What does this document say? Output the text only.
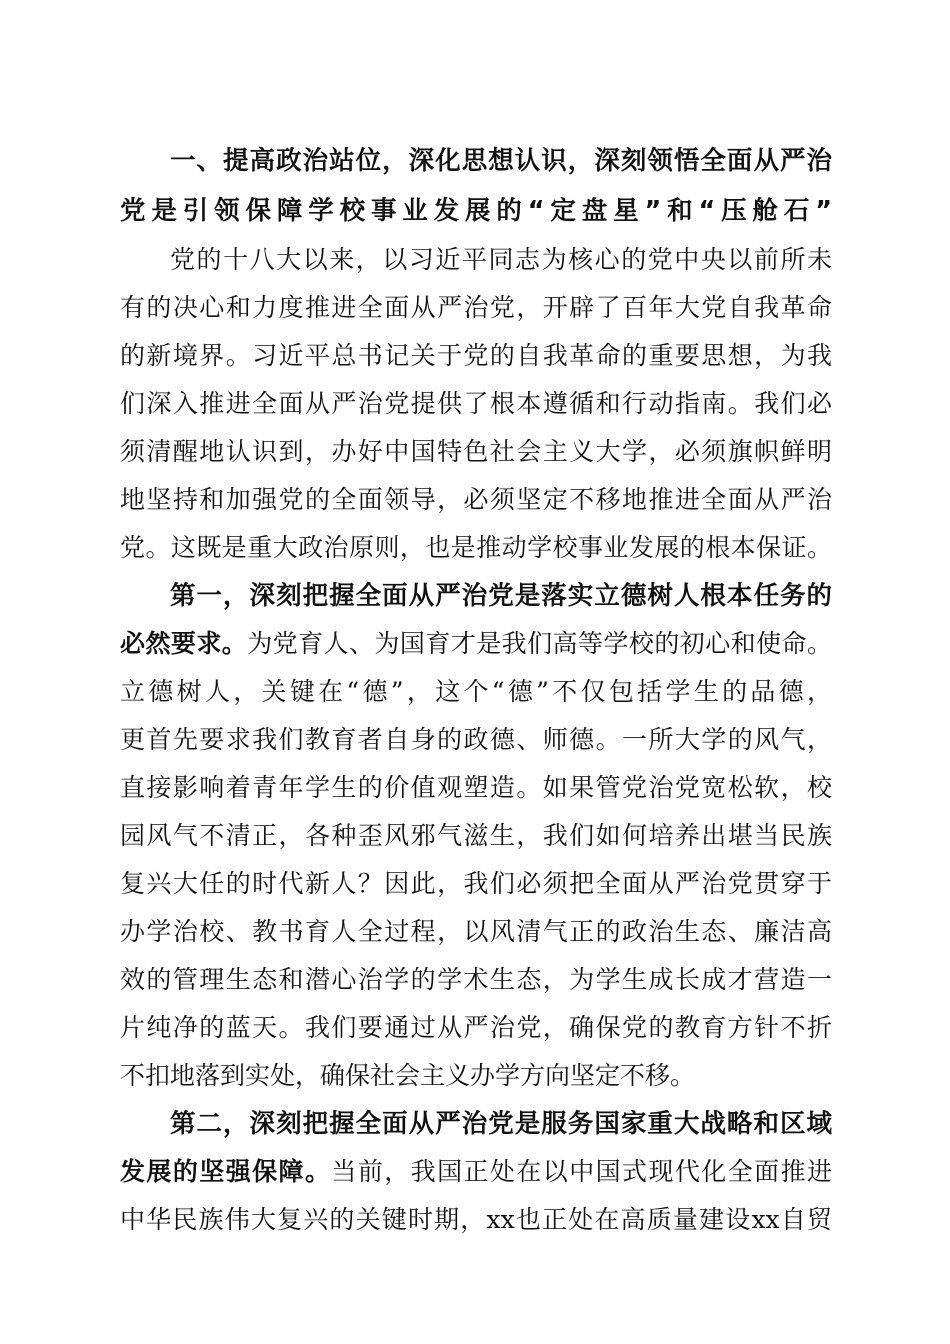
一、提高政治站位，深化思想认识，深刻领悟全面从严治
党是引领保障学校事业发展的“定盘星”和“压舱石”
党的十八大以来，以习近平同志为核心的党中央以前所未
有的决心和力度推进全面从严治党，开辟了百年大党自我革命
的新境界。习近平总书记关于党的自我革命的重要思想，为我
们深入推进全面从严治党提供了根本遵循和行动指南。我们必
须清醒地认识到，办好中国特色社会主义大学，必须旗帜鲜明
地坚持和加强党的全面领导，必须坚定不移地推进全面从严治
党。这既是重大政治原则，也是推动学校事业发展的根本保证。
第一，深刻把握全面从严治党是落实立德树人根本任务的
必然要求。为党育人、为国育才是我们高等学校的初心和使命。
立德树人，关键在“德”，这个“德”不仅包括学生的品德，
更首先要求我们教育者自身的政德、师德。一所大学的风气，
直接影响着青年学生的价值观塑造。如果管党治党宽松软，校
园风气不清正，各种歪风邪气滋生，我们如何培养出堪当民族
复兴大任的时代新人？因此，我们必须把全面从严治党贯穿于
办学治校、教书育人全过程，以风清气正的政治生态、廉洁高
效的管理生态和潜心治学的学术生态，为学生成长成才营造一
片纯净的蓝天。我们要通过从严治党，确保党的教育方针不折
不扣地落到实处，确保社会主义办学方向坚定不移。
第二，深刻把握全面从严治党是服务国家重大战略和区域
发展的坚强保障。当前，我国正处在以中国式现代化全面推进
中华民族伟大复兴的关键时期，xx也正处在高质量建设xx自贸
